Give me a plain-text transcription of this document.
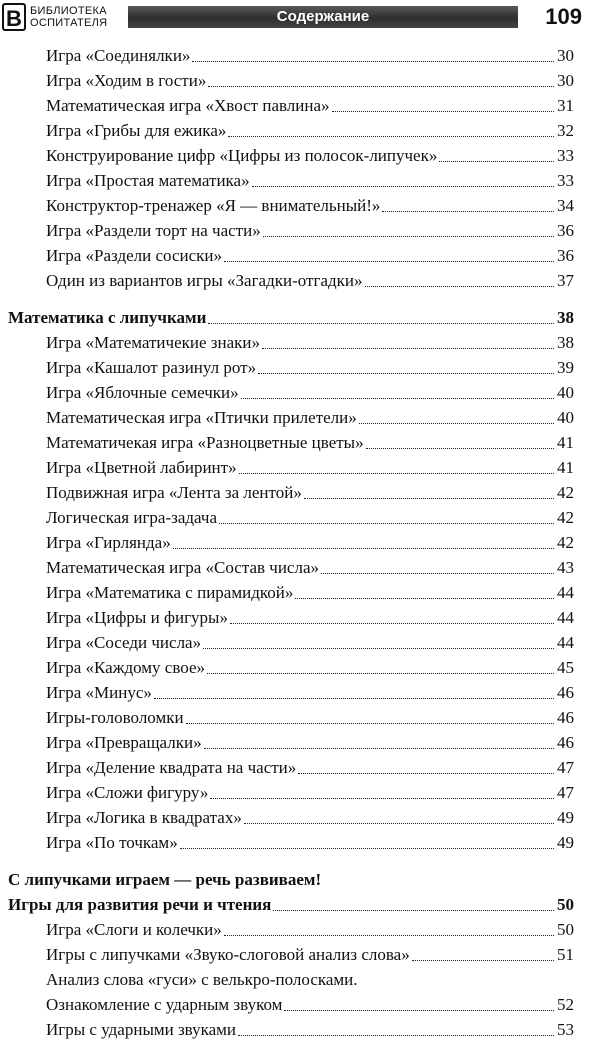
В БИБЛИОТЕКА
ОСПИТАТЕЛЯ	Содержание	109
Игра «Соединялки»	30
Игра «Ходим в гости»	30
Математическая игра «Хвост павлина»	31
Игра «Грибы для ежика»	32
Конструирование цифр «Цифры из полосок-липучек»	33
Игра «Простая математика»	33
Конструктор-тренажер «Я — внимательный!»	34
Игра «Раздели торт на части»	36
Игра «Раздели сосиски»	36
Один из вариантов игры «Загадки-отгадки»	37
Математика с липучками	38
Игра «Математичекие знаки»	38
Игра «Кашалот разинул рот»	39
Игра «Яблочные семечки»	40
Математическая игра «Птички прилетели»	40
Математичекая игра «Разноцветные цветы»	41
Игра «Цветной лабиринт»	41
Подвижная игра «Лента за лентой»	42
Логическая игра-задача	42
Игра «Гирлянда»	42
Математическая игра «Состав числа»	43
Игра «Математика с пирамидкой»	44
Игра «Цифры и фигуры»	44
Игра «Соседи числа»	44
Игра «Каждому свое»	45
Игра «Минус»	46
Игры-головоломки	46
Игра «Превращалки»	46
Игра «Деление квадрата на части»	47
Игра «Сложи фигуру»	47
Игра «Логика в квадратах»	49
Игра «По точкам»	49
С липучками играем — речь развиваем!
Игры для развития речи и чтения	50
Игра «Слоги и колечки»	50
Игры с липучками «Звуко-слоговой анализ слова»	51
Анализ слова «гуси» с велькро-полосками.
Ознакомление с ударным звуком	52
Игры с ударными звуками	53
